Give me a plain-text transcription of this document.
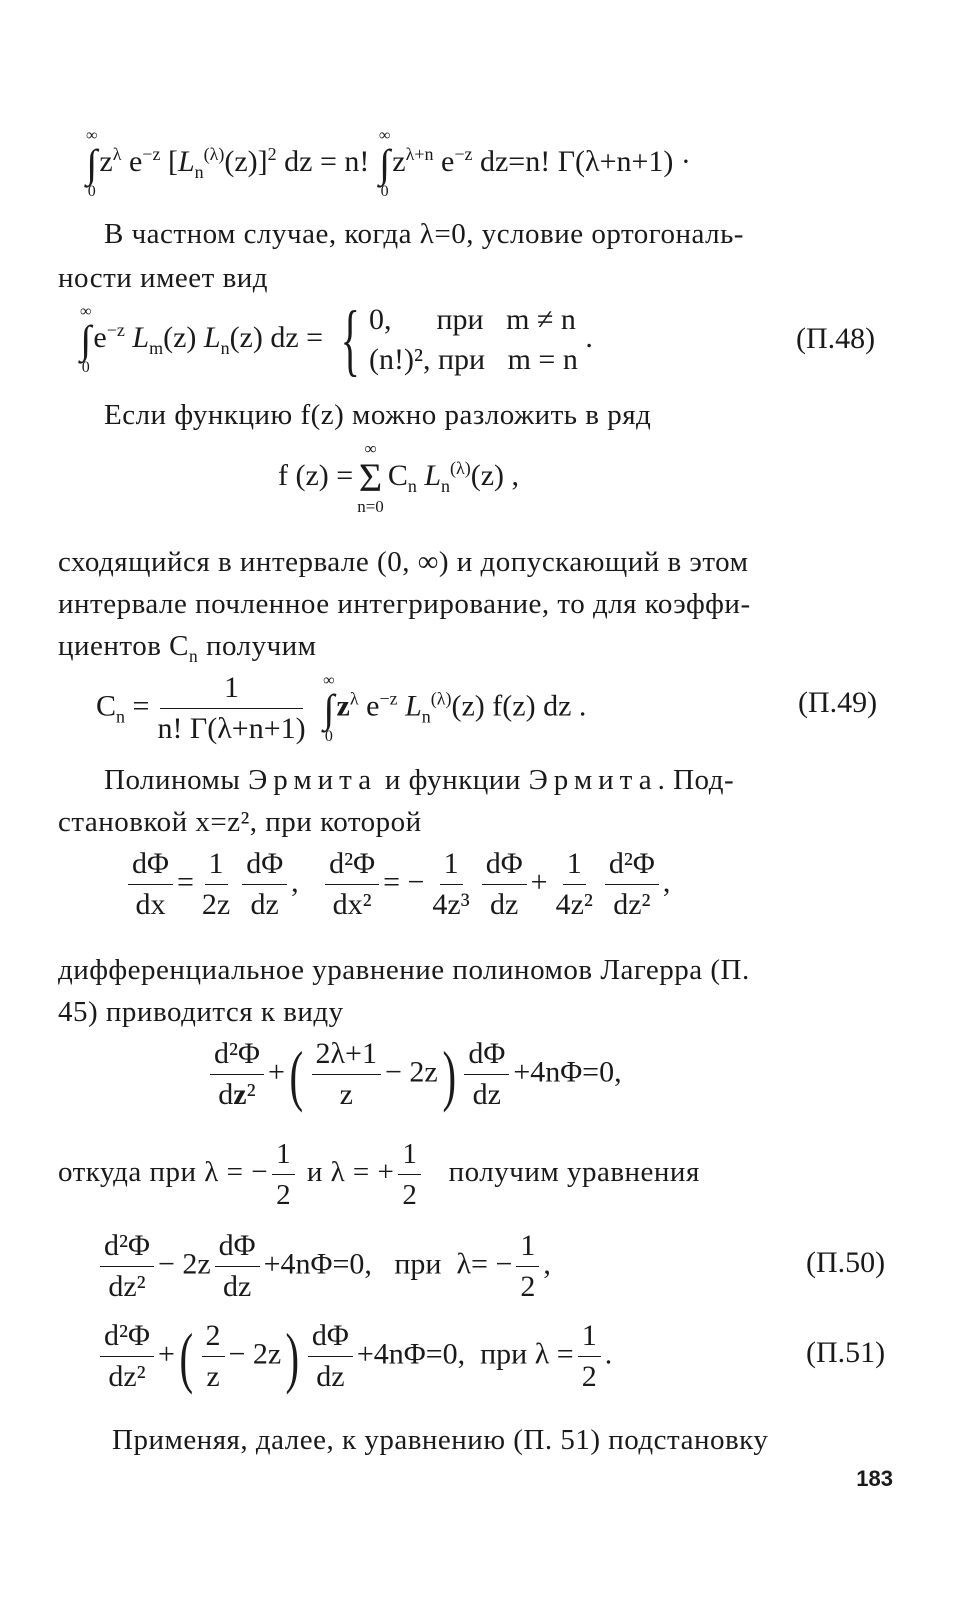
∞
∫
0
$z^\lambda$ $e^{-z}$ $[L_n^{(\lambda)}(z)]^2$ dz = n!
∞
∫
0
$z^{\lambda+n}$ $e^{-z}$ dz=n! Γ(λ+n+1) ·
В частном случае, когда λ=0, условие ортогональ-
ности имеет вид
∞
∫
0
$e^{-z}$ $L_m(z)$ $L_n(z)$ dz = { 0,      при   m ≠ n
(n!)², при   m = n
.	(П.48)
Если функцию f(z) можно разложить в ряд
f (z) =
∞
Σ
n=0
$C_n$ $L_n^{(\lambda)}(z)$ ,
сходящийся в интервале (0, ∞) и допускающий в этом
интервале почленное интегрирование, то для коэффи-
циентов $C_n$ получим
$C_n = \frac{1}{n! \Gamma(\lambda+n+1)}$
∞
∫
0
$z^\lambda$ $e^{-z}$ $L_n^{(\lambda)}(z)$ f(z) dz .	(П.49)
Полиномы Эрмита и функции Эрмита. Под-
становкой x=z², при которой
$\frac{d\Phi}{dx} = \frac{1}{2z} \frac{d\Phi}{dz}$ , $\frac{\text{d²Φ}}{\text{dx²}}$ = − $\frac{1}{\text{4z³}} \frac{d\Phi}{dz} + \frac{1}{\text{4z²}} \frac{\text{d²Φ}}{\text{dz²}}$ ,
дифференциальное уравнение полиномов Лагерра (П.
45) приводится к виду
$\frac{\text{d²Φ}}{\text{dz²}}$ +( $\frac{2\lambda+1}{z} - 2z) \frac{d\Phi}{dz} +4n\Phi=0$,
откуда при λ = − $\frac{1}{2}$ и λ = + $\frac{1}{2}$ получим уравнения
$\frac{\text{d²Φ}}{\text{dz²}} - 2z \frac{d\Phi}{dz} +4n\Phi=0$,   при  $\lambda= - \frac{1}{2}$ ,	(П.50)
$\frac{\text{d²Φ}}{\text{dz²}}$ +( $\frac{2}{z} - 2z) \frac{d\Phi}{dz} +4n\Phi=0$,  при $\lambda = \frac{1}{2}$ .	(П.51)
Применяя, далее, к уравнению (П. 51) подстановку
183
